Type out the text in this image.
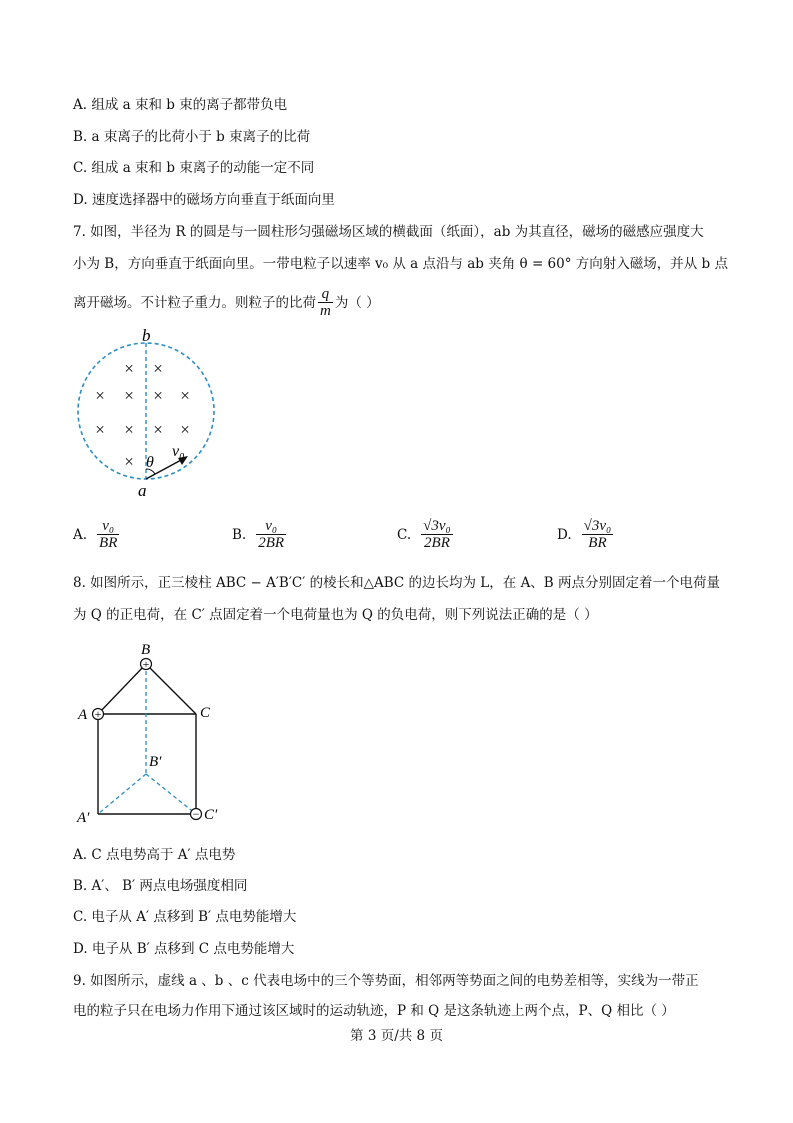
A. 组成 a 束和 b 束的离子都带负电
B. a 束离子的比荷小于 b 束离子的比荷
C. 组成 a 束和 b 束离子的动能一定不同
D. 速度选择器中的磁场方向垂直于纸面向里
7. 如图，半径为 R 的圆是与一圆柱形匀强磁场区域的横截面（纸面），ab 为其直径，磁场的磁感应强度大
小为 B，方向垂直于纸面向里。一带电粒子以速率 v₀ 从 a 点沿与 ab 夹角 θ = 60° 方向射入磁场，并从 b 点
离开磁场。不计粒子重力。则粒子的比荷 $\frac{q}{m}$ 为（ ）
× ×
× × × ×
× × × ×
×
b
a
θ
v₀
A. $\frac{\text{v₀}}{BR}$	B. $\frac{\text{v₀}}{2BR}$	C. $\frac{\text{√3v₀}}{2BR}$	D. $\frac{\text{√3v₀}}{BR}$
8. 如图所示，正三棱柱 ABC − A′B′C′ 的棱长和△ABC 的边长均为 L，在 A、B 两点分别固定着一个电荷量
为 Q 的正电荷，在 C′ 点固定着一个电荷量也为 Q 的负电荷，则下列说法正确的是（ ）
+
+
−
B
A	C
B′
A′	C′
A. C 点电势高于 A′ 点电势
B. A′、 B′ 两点电场强度相同
C. 电子从 A′ 点移到 B′ 点电势能增大
D. 电子从 B′ 点移到 C 点电势能增大
9. 如图所示，虚线 a 、b 、c 代表电场中的三个等势面，相邻两等势面之间的电势差相等，实线为一带正
电的粒子只在电场力作用下通过该区域时的运动轨迹，P 和 Q 是这条轨迹上两个点，P、Q 相比（ ）
第 3 页/共 8 页
